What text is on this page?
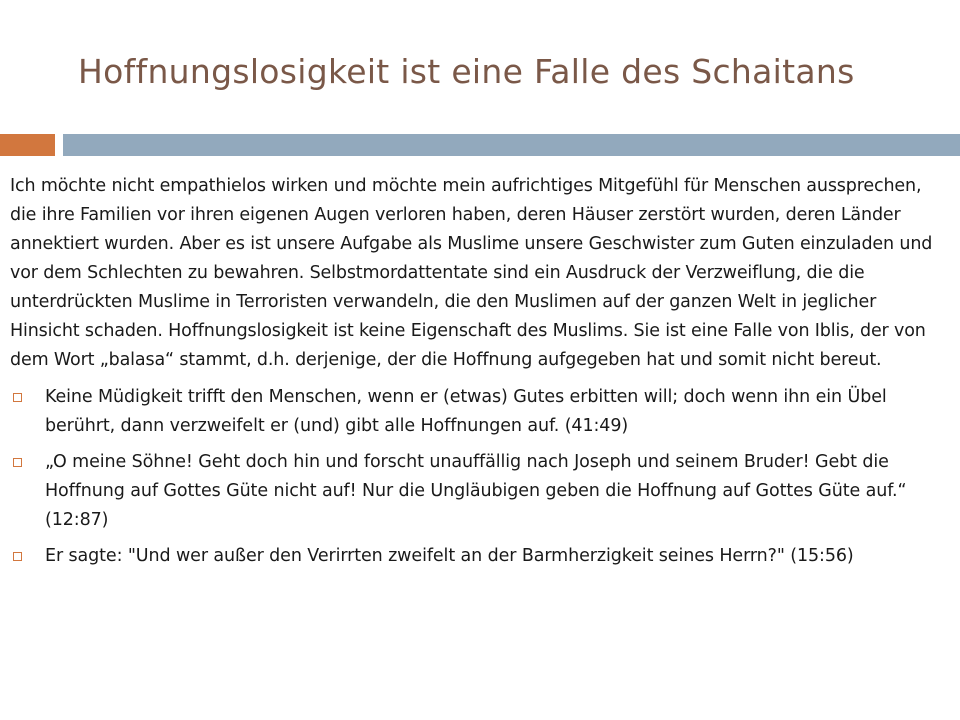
Hoffnungslosigkeit ist eine Falle des Schaitans

Ich möchte nicht empathielos wirken und möchte mein aufrichtiges Mitgefühl für Menschen aussprechen, die ihre Familien vor ihren eigenen Augen verloren haben, deren Häuser zerstört wurden, deren Länder annektiert wurden. Aber es ist unsere Aufgabe als Muslime unsere Geschwister zum Guten einzuladen und vor dem Schlechten zu bewahren. Selbstmordattentate sind ein Ausdruck der Verzweiflung, die die unterdrückten Muslime in Terroristen verwandeln, die den Muslimen auf der ganzen Welt in jeglicher Hinsicht schaden. Hoffnungslosigkeit ist keine Eigenschaft des Muslims. Sie ist eine Falle von Iblis, der von dem Wort „balasa“ stammt, d.h. derjenige, der die Hoffnung aufgegeben hat und somit nicht bereut.

Keine Müdigkeit trifft den Menschen, wenn er (etwas) Gutes erbitten will; doch wenn ihn ein Übel berührt, dann verzweifelt er (und) gibt alle Hoffnungen auf. (41:49)
„O meine Söhne! Geht doch hin und forscht unauffällig nach Joseph und seinem Bruder! Gebt die Hoffnung auf Gottes Güte nicht auf! Nur die Ungläubigen geben die Hoffnung auf Gottes Güte auf.“ (12:87)
Er sagte: "Und wer außer den Verirrten zweifelt an der Barmherzigkeit seines Herrn?" (15:56)
